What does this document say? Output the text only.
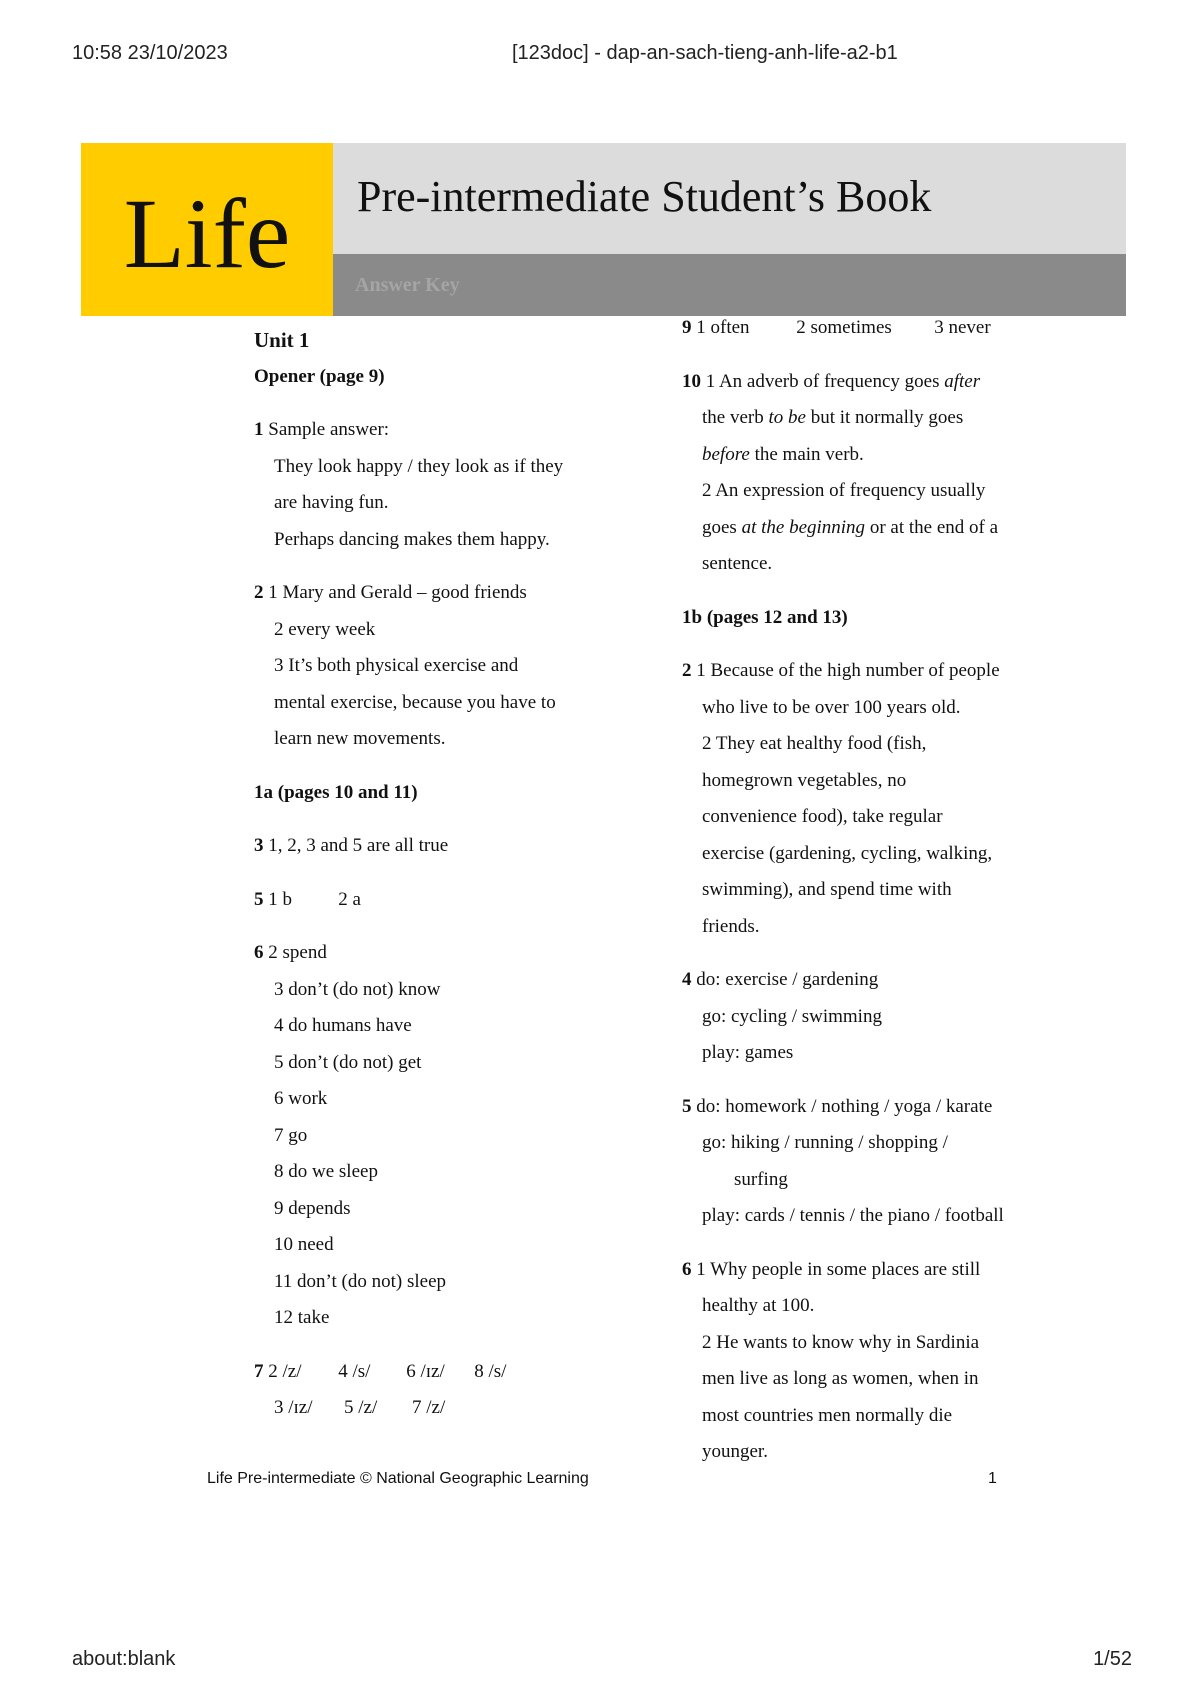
10:58 23/10/2023	[123doc] - dap-an-sach-tieng-anh-life-a2-b1
about:blank	1/52
Life Pre-intermediate Student’s Book
Answer Key

Unit 1

Opener (page 9)

1 Sample answer:

They look happy / they look as if they

are having fun.

Perhaps dancing makes them happy.

2 1 Mary and Gerald – good friends

2 every week

3 It’s both physical exercise and

mental exercise, because you have to

learn new movements.

1a (pages 10 and 11)

3 1, 2, 3 and 5 are all true

5 1 b 2 a

6 2 spend

3 don’t (do not) know

4 do humans have

5 don’t (do not) get

6 work

7 go

8 do we sleep

9 depends

10 need

11 don’t (do not) sleep

12 take

7 2 /z/ 4 /s/ 6 /ɪz/ 8 /s/

3 /ɪz/ 5 /z/ 7 /z/

9 1 often 2 sometimes 3 never

10 1 An adverb of frequency goes after

the verb to be but it normally goes

before the main verb.

2 An expression of frequency usually

goes at the beginning or at the end of a

sentence.

1b (pages 12 and 13)

2 1 Because of the high number of people

who live to be over 100 years old.

2 They eat healthy food (fish,

homegrown vegetables, no

convenience food), take regular

exercise (gardening, cycling, walking,

swimming), and spend time with

friends.

4 do: exercise / gardening

go: cycling / swimming

play: games

5 do: homework / nothing / yoga / karate

go: hiking / running / shopping /

surfing

play: cards / tennis / the piano / football

6 1 Why people in some places are still

healthy at 100.

2 He wants to know why in Sardinia

men live as long as women, when in

most countries men normally die

younger.

Life Pre-intermediate © National Geographic Learning	1
